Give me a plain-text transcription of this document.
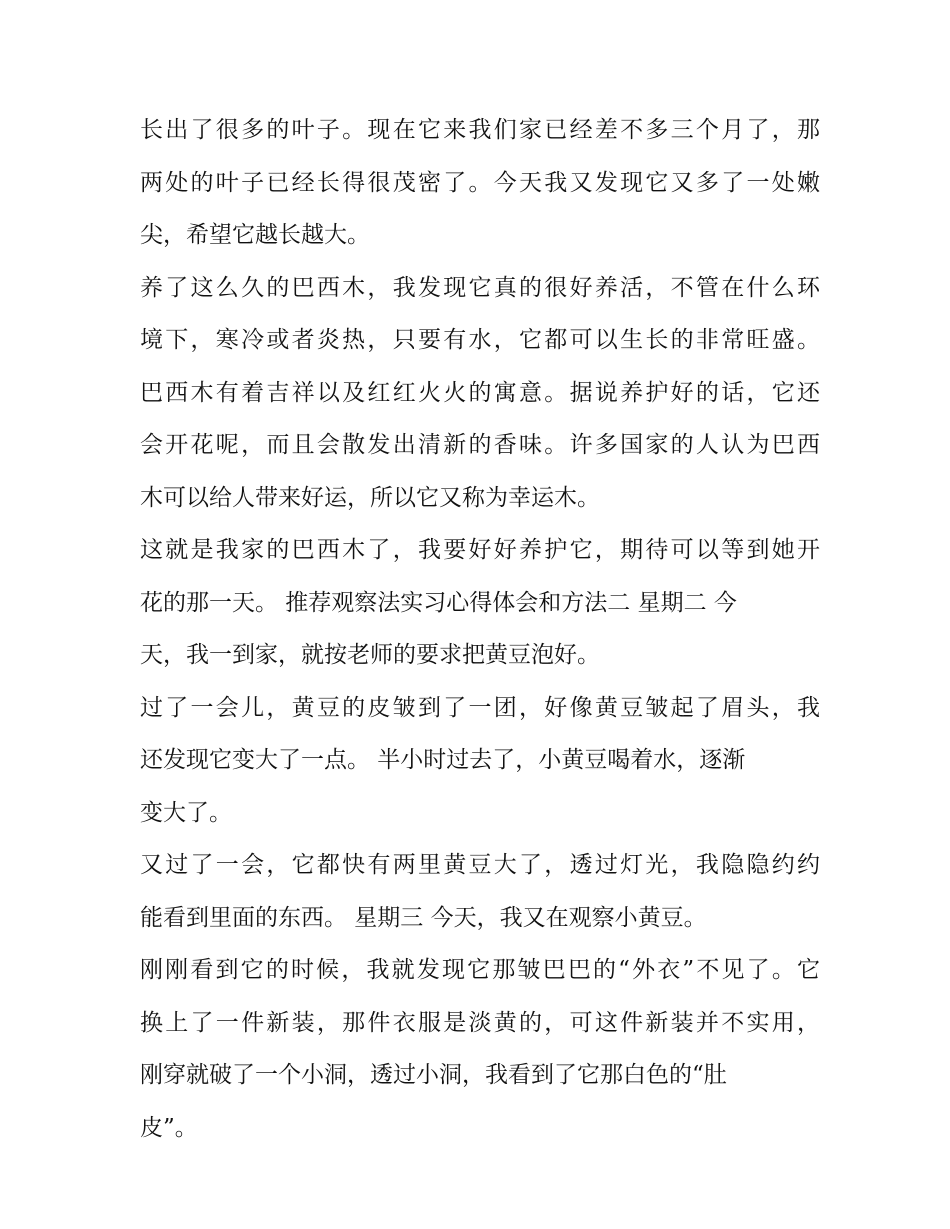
长出了很多的叶子。现在它来我们家已经差不多三个月了，那
两处的叶子已经长得很茂密了。今天我又发现它又多了一处嫩
尖，希望它越长越大。
养了这么久的巴西木，我发现它真的很好养活，不管在什么环
境下，寒冷或者炎热，只要有水，它都可以生长的非常旺盛。
巴西木有着吉祥以及红红火火的寓意。据说养护好的话，它还
会开花呢，而且会散发出清新的香味。许多国家的人认为巴西
木可以给人带来好运，所以它又称为幸运木。
这就是我家的巴西木了，我要好好养护它，期待可以等到她开
花的那一天。 推荐观察法实习心得体会和方法二 星期二 今
天，我一到家，就按老师的要求把黄豆泡好。
过了一会儿，黄豆的皮皱到了一团，好像黄豆皱起了眉头，我
还发现它变大了一点。 半小时过去了，小黄豆喝着水，逐渐
变大了。
又过了一会，它都快有两里黄豆大了，透过灯光，我隐隐约约
能看到里面的东西。 星期三 今天，我又在观察小黄豆。
刚刚看到它的时候，我就发现它那皱巴巴的“外衣”不见了。它
换上了一件新装，那件衣服是淡黄的，可这件新装并不实用，
刚穿就破了一个小洞，透过小洞，我看到了它那白色的“肚
皮”。
